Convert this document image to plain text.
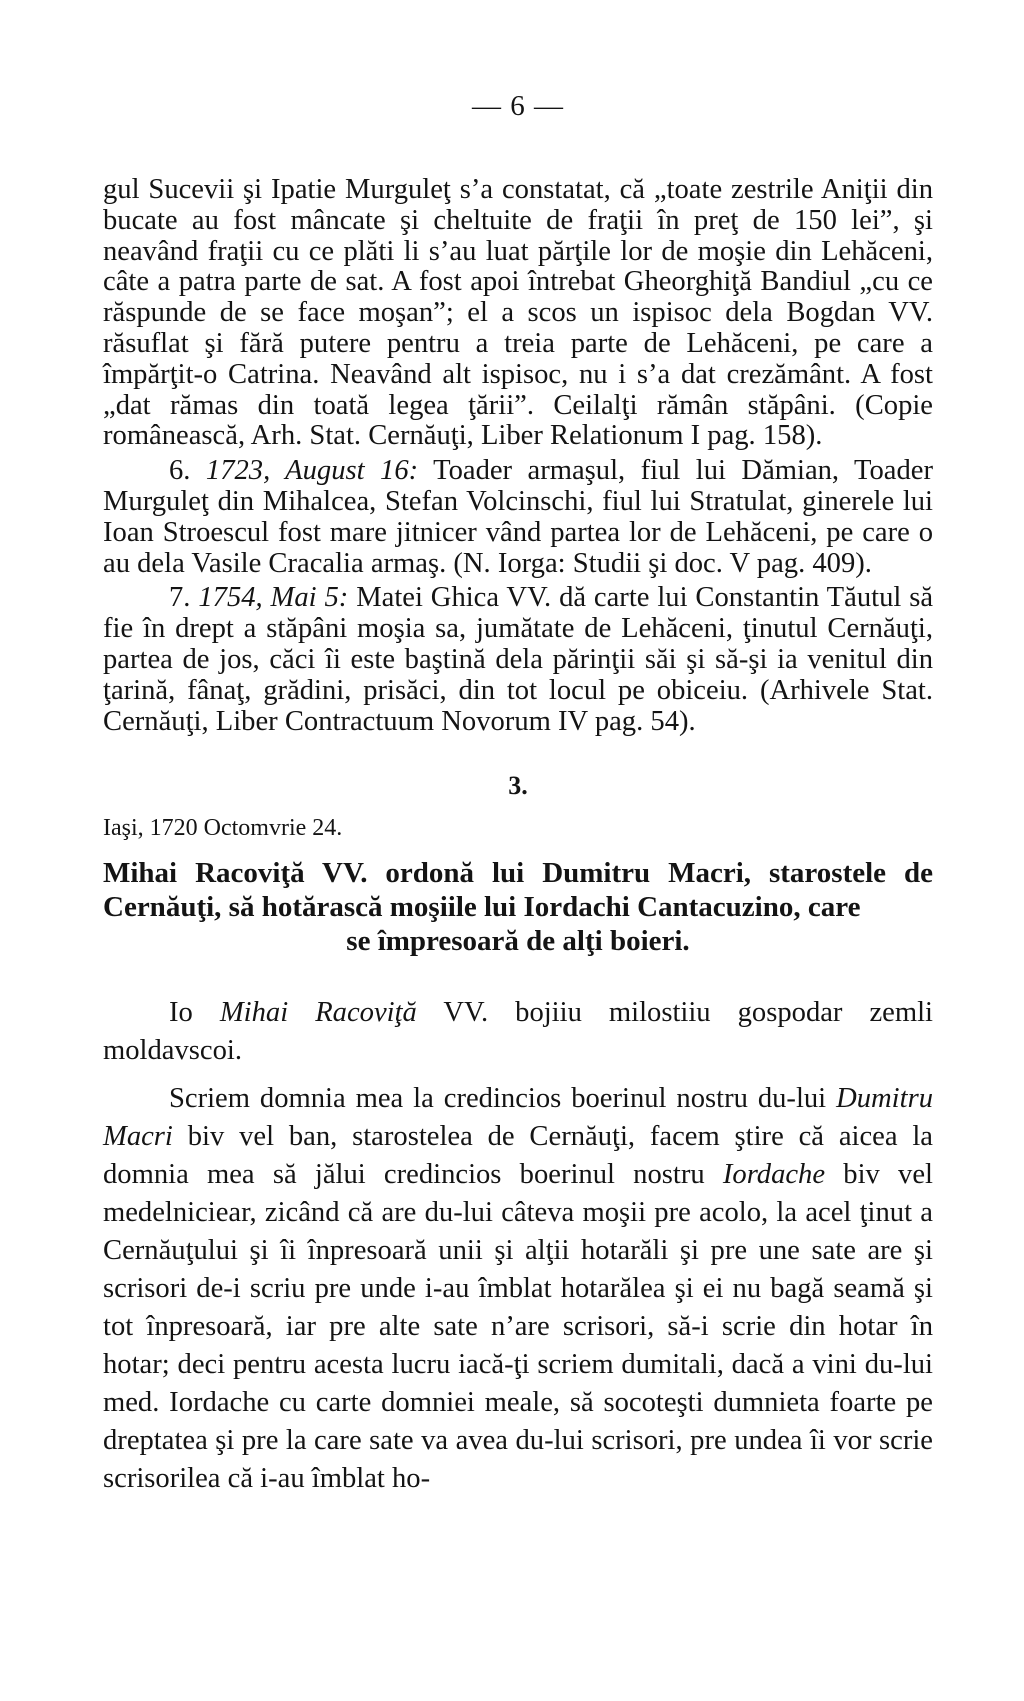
— 6 —

gul Sucevii şi Ipatie Murguleţ s’a constatat, că „toate zestrile Aniţii din bucate au fost mâncate şi cheltuite de fraţii în preţ de 150 lei”, şi neavând fraţii cu ce plăti li s’au luat părţile lor de moşie din Lehăceni, câte a patra parte de sat. A fost apoi întrebat Gheorghiţă Bandiul „cu ce răspunde de se face moşan”; el a scos un ispisoc dela Bogdan VV. răsuflat şi fără putere pentru a treia parte de Lehăceni, pe care a împărţit-o Catrina. Neavând alt ispisoc, nu i s’a dat crezământ. A fost „dat rămas din toată legea ţării”. Ceilalţi rămân stăpâni. (Copie românească, Arh. Stat. Cernăuţi, Liber Relationum I pag. 158).

6. 1723, August 16: Toader armaşul, fiul lui Dămian, Toader Murguleţ din Mihalcea, Stefan Volcinschi, fiul lui Stratulat, ginerele lui Ioan Stroescul fost mare jitnicer vând partea lor de Lehăceni, pe care o au dela Vasile Cracalia armaş. (N. Iorga: Studii şi doc. V pag. 409).

7. 1754, Mai 5: Matei Ghica VV. dă carte lui Constantin Tăutul să fie în drept a stăpâni moşia sa, jumătate de Lehăceni, ţinutul Cernăuţi, partea de jos, căci îi este baştină dela părinţii săi şi să-şi ia venitul din ţarină, fânaţ, grădini, prisăci, din tot locul pe obiceiu. (Arhivele Stat. Cernăuţi, Liber Contractuum Novorum IV pag. 54).

3.
Iaşi, 1720 Octomvrie 24.
Mihai Racoviţă VV. ordonă lui Dumitru Macri, starostele de Cernăuţi, să hotărască moşiile lui Iordachi Cantacuzino, care
se împresoară de alţi boieri.

Io Mihai Racoviţă VV. bojiiu milostiiu gospodar zemli moldavscoi.

Scriem domnia mea la credincios boerinul nostru du-lui Dumitru Macri biv vel ban, starostelea de Cernăuţi, facem ştire că aicea la domnia mea să jălui credincios boerinul nostru Iordache biv vel medelniciear, zicând că are du-lui câteva moşii pre acolo, la acel ţinut a Cernăuţului şi îi înpresoară unii şi alţii hotarăli şi pre une sate are şi scrisori de-i scriu pre unde i-au îmblat hotarălea şi ei nu bagă seamă şi tot înpresoară, iar pre alte sate n’are scrisori, să-i scrie din hotar în hotar; deci pentru acesta lucru iacă-ţi scriem dumitali, dacă a vini du-lui med. Iordache cu carte domniei meale, să socoteşti dumnieta foarte pe dreptatea şi pre la care sate va avea du-lui scrisori, pre undea îi vor scrie scrisorilea că i-au îmblat ho-
